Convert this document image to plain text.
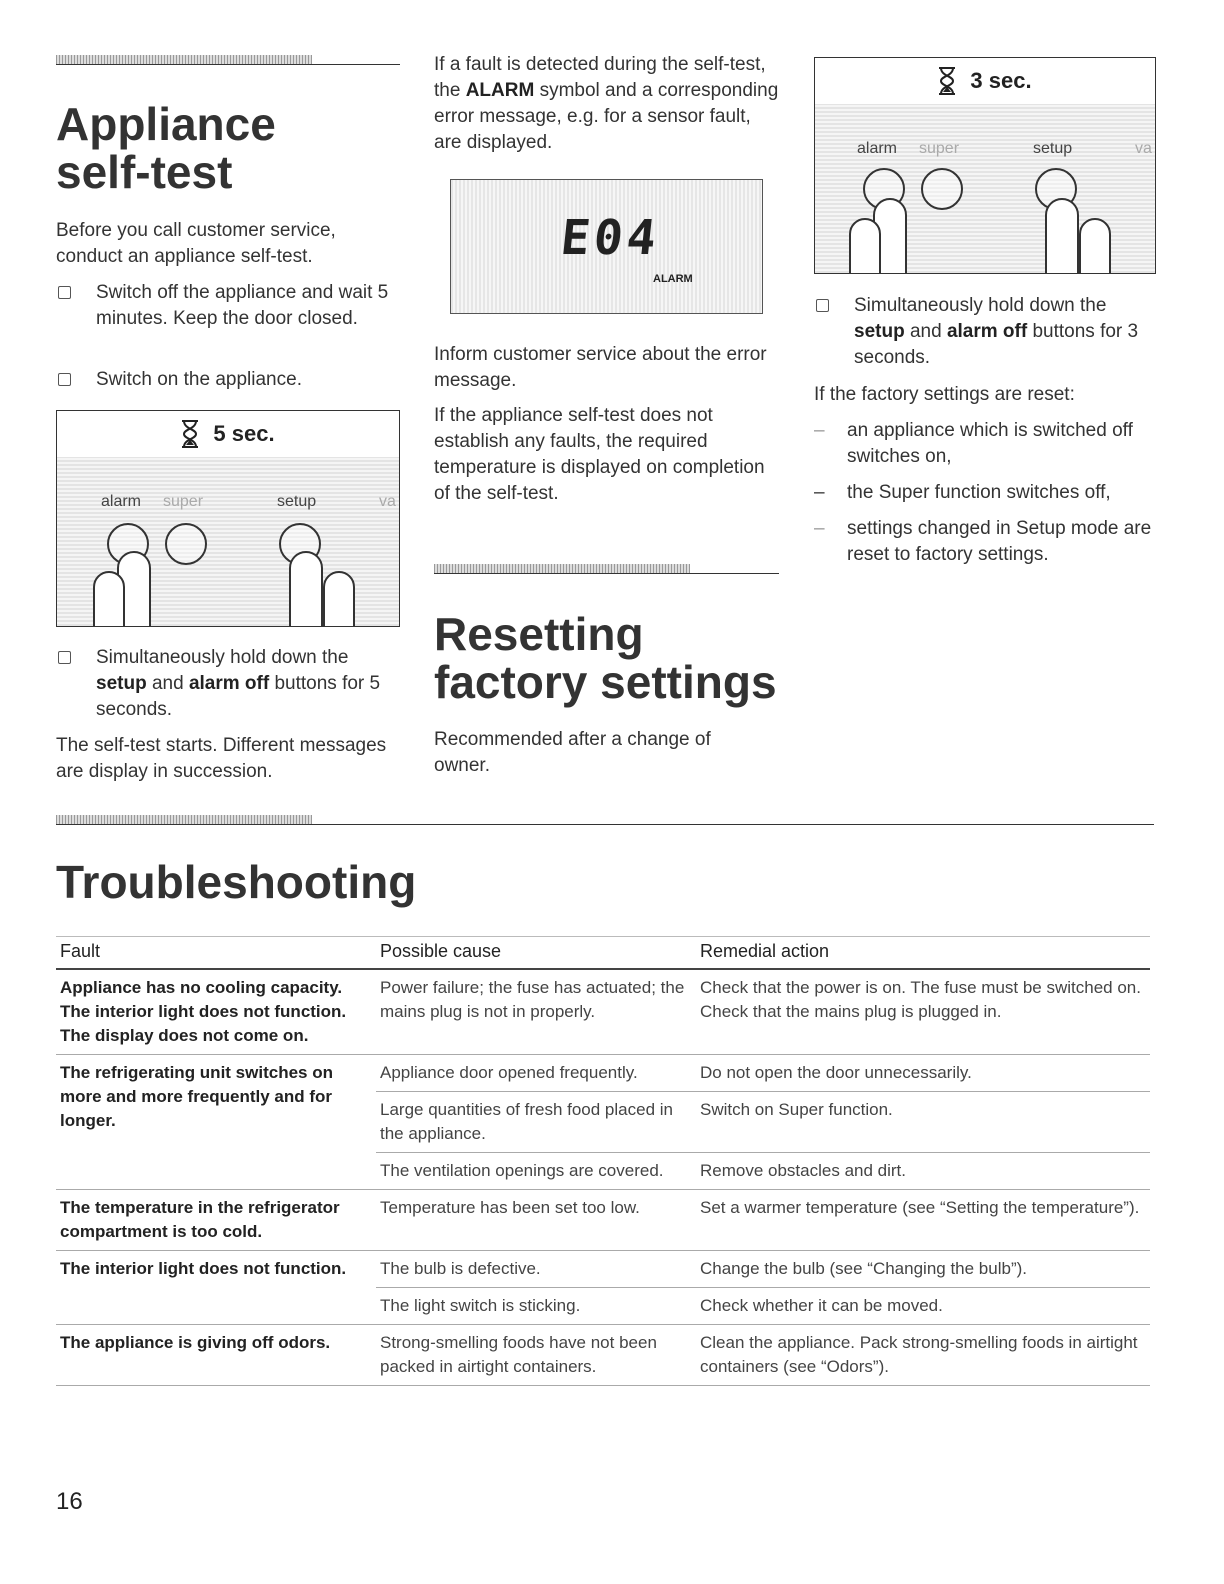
Appliance
self-test

Before you call customer service, conduct an appliance self-test.

Switch off the appliance and wait 5 minutes. Keep the door closed.
Switch on the appliance.
5 sec.
alarm super	setup	va
Simultaneously hold down the setup and alarm off buttons for 5 seconds.

The self-test starts. Different messages are display in succession.

If a fault is detected during the self-test, the ALARM symbol and a corresponding error message, e.g. for a sensor fault, are displayed.

E04
ALARM

Inform customer service about the error message.

If the appliance self-test does not establish any faults, the required temperature is displayed on completion of the self-test.

Resetting
factory settings

Recommended after a change of owner.

3 sec.
alarm super	setup	va
Simultaneously hold down the setup and alarm off buttons for 3 seconds.

If the factory settings are reset:

–	an appliance which is switched off switches on,
–	the Super function switches off,
–	settings changed in Setup mode are reset to factory settings.
Troubleshooting
Fault	Possible cause	Remedial action
Appliance has no cooling capacity. The interior light does not function. The display does not come on.	Power failure; the fuse has actuated; the mains plug is not in properly.	Check that the power is on. The fuse must be switched on. Check that the mains plug is plugged in.
The refrigerating unit switches on more and more frequently and for longer.	Appliance door opened frequently.	Do not open the door unnecessarily.
	Large quantities of fresh food placed in the appliance.	Switch on Super function.
	The ventilation openings are covered.	Remove obstacles and dirt.
The temperature in the refrigerator compartment is too cold.	Temperature has been set too low.	Set a warmer temperature (see “Setting the temperature”).
The interior light does not function.	The bulb is defective.	Change the bulb (see “Changing the bulb”).
	The light switch is sticking.	Check whether it can be moved.
The appliance is giving off odors.	Strong-smelling foods have not been packed in airtight containers.	Clean the appliance. Pack strong-smelling foods in airtight containers (see “Odors”).
16
